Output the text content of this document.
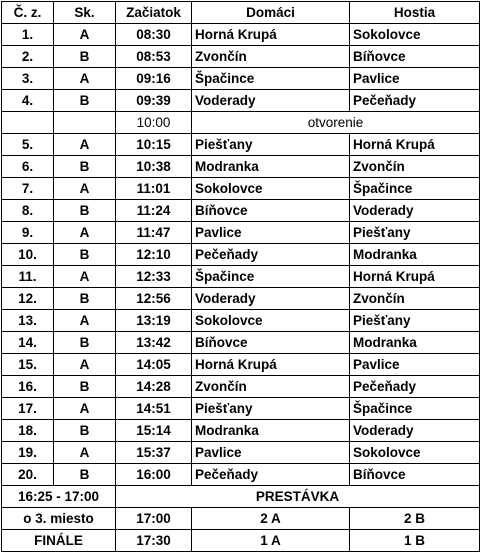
Č. z.	Sk.	Začiatok	Domáci	Hostia
1.	A	08:30	Horná Krupá	Sokolovce
2.	B	08:53	Zvončín	Bíňovce
3.	A	09:16	Špačince	Pavlice
4.	B	09:39	Voderady	Pečeňady
		10:00	otvorenie	
5.	A	10:15	Piešťany	Horná Krupá
6.	B	10:38	Modranka	Zvončín
7.	A	11:01	Sokolovce	Špačince
8.	B	11:24	Bíňovce	Voderady
9.	A	11:47	Pavlice	Piešťany
10.	B	12:10	Pečeňady	Modranka
11.	A	12:33	Špačince	Horná Krupá
12.	B	12:56	Voderady	Zvončín
13.	A	13:19	Sokolovce	Piešťany
14.	B	13:42	Bíňovce	Modranka
15.	A	14:05	Horná Krupá	Pavlice
16.	B	14:28	Zvončín	Pečeňady
17.	A	14:51	Piešťany	Špačince
18.	B	15:14	Modranka	Voderady
19.	A	15:37	Pavlice	Sokolovce
20.	B	16:00	Pečeňady	Bíňovce
16:25 - 17:00		PRESTÁVKA		
o 3. miesto		17:00	2 A	2 B
FINÁLE		17:30	1 A	1 B
